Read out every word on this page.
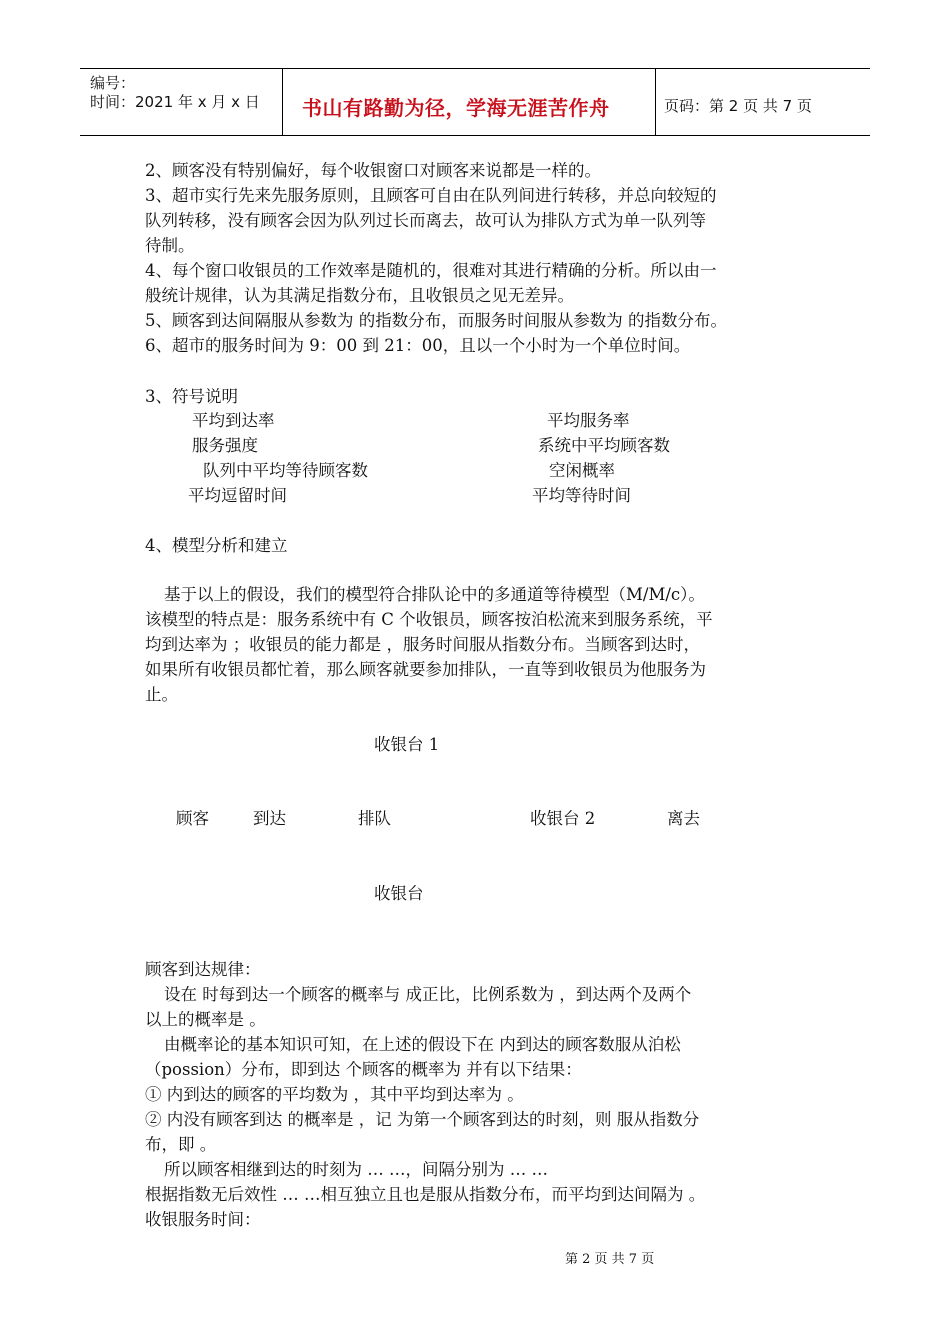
编号：
时间：2021 年 x 月 x 日 书山有路勤为径，学海无涯苦作舟	页码：第 2 页 共 7 页
2、顾客没有特别偏好，每个收银窗口对顾客来说都是一样的。
3、超市实行先来先服务原则，且顾客可自由在队列间进行转移，并总向较短的
队列转移，没有顾客会因为队列过长而离去，故可认为排队方式为单一队列等
待制。
4、每个窗口收银员的工作效率是随机的，很难对其进行精确的分析。所以由一
般统计规律，认为其满足指数分布，且收银员之见无差异。
5、顾客到达间隔服从参数为 的指数分布，而服务时间服从参数为 的指数分布。
6、超市的服务时间为 9：00 到 21：00，且以一个小时为一个单位时间。
3、符号说明
平均到达率	平均服务率
服务强度	系统中平均顾客数
队列中平均等待顾客数	空闲概率
平均逗留时间	平均等待时间
4、模型分析和建立
基于以上的假设，我们的模型符合排队论中的多通道等待模型（M/M/c）。
该模型的特点是：服务系统中有 C 个收银员，顾客按泊松流来到服务系统，平
均到达率为 ；收银员的能力都是 ，服务时间服从指数分布。当顾客到达时，
如果所有收银员都忙着，那么顾客就要参加排队，一直等到收银员为他服务为
止。
收银台 1
顾客	到达	排队	收银台 2	离去
收银台
顾客到达规律：
设在 时每到达一个顾客的概率与 成正比，比例系数为 ，到达两个及两个
以上的概率是 。
由概率论的基本知识可知，在上述的假设下在 内到达的顾客数服从泊松
（possion）分布，即到达 个顾客的概率为 并有以下结果：
① 内到达的顾客的平均数为 ，其中平均到达率为 。
② 内没有顾客到达 的概率是 ，记 为第一个顾客到达的时刻，则 服从指数分
布，即 。
所以顾客相继到达的时刻为 … …，间隔分别为 … …
根据指数无后效性 … …相互独立且也是服从指数分布，而平均到达间隔为 。
收银服务时间：
第 2 页 共 7 页
